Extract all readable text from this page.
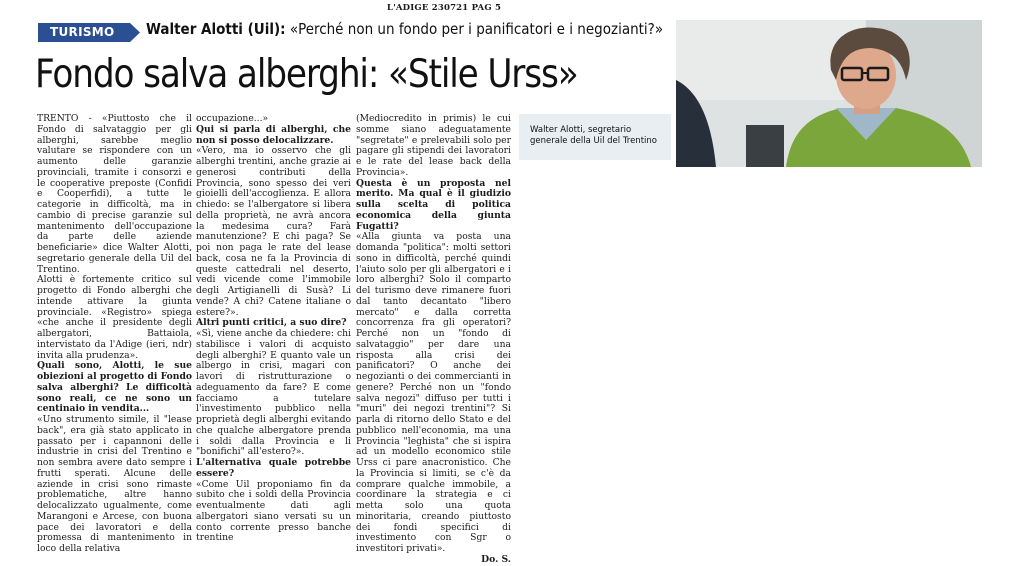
L'ADIGE 230721 PAG 5
TURISMO Walter Alotti (Uil): «Perché non un fondo per i panificatori e i negozianti?»
Fondo salva alberghi: «Stile Urss»
Walter Alotti, segretario generale della Uil del Trentino

TRENTO - «Piuttosto che il Fondo di salvataggio per gli alberghi, sarebbe meglio valutare se rispondere con un aumento delle garanzie provinciali, tramite i consorzi e le cooperative preposte (Confidi e Cooperfidi), a tutte le categorie in difficoltà, ma in cambio di precise garanzie sul mantenimento dell'occupazione da parte delle aziende beneficiarie» dice Walter Alotti, segretario generale della Uil del Trentino.

Alotti è fortemente critico sul progetto di Fondo alberghi che intende attivare la giunta provinciale. «Registro» spiega «che anche il presidente degli albergatori, Battaiola, intervistato da l'Adige (ieri, ndr) invita alla prudenza».

Quali sono, Alotti, le sue obiezioni al progetto di Fondo salva alberghi? Le difficoltà sono reali, ce ne sono un centinaio in vendita...

«Uno strumento simile, il "lease back", era già stato applicato in passato per i capannoni delle industrie in crisi del Trentino e non sembra avere dato sempre i frutti sperati. Alcune delle aziende in crisi sono rimaste problematiche, altre hanno delocalizzato ugualmente, come Marangoni e Arcese, con buona pace dei lavoratori e della promessa di mantenimento in loco della relativa

occupazione...»

Qui si parla di alberghi, che non si posso delocalizzare.

«Vero, ma io osservo che gli alberghi trentini, anche grazie ai generosi contributi della Provincia, sono spesso dei veri gioielli dell'accoglienza. E allora chiedo: se l'albergatore si libera della proprietà, ne avrà ancora la medesima cura? Farà manutenzione? E chi paga? Se poi non paga le rate del lease back, cosa ne fa la Provincia di queste cattedrali nel deserto, vedi vicende come l'immobile degli Artigianelli di Susà? Li vende? A chi? Catene italiane o estere?».

Altri punti critici, a suo dire?

«Sì, viene anche da chiedere: chi stabilisce i valori di acquisto degli alberghi? E quanto vale un albergo in crisi, magari con lavori di ristrutturazione o adeguamento da fare? E come facciamo a tutelare l'investimento pubblico nella proprietà degli alberghi evitando che qualche albergatore prenda i soldi dalla Provincia e li "bonifichi" all'estero?».

L'alternativa quale potrebbe essere?

«Come Uil proponiamo fin da subito che i soldi della Provincia eventualmente dati agli albergatori siano versati su un conto corrente presso banche trentine

(Mediocredito in primis) le cui somme siano adeguatamente "segretate" e prelevabili solo per pagare gli stipendi dei lavoratori e le rate del lease back della Provincia».

Questa è un proposta nel merito. Ma qual è il giudizio sulla scelta di politica economica della giunta Fugatti?

«Alla giunta va posta una domanda "politica": molti settori sono in difficoltà, perché quindi l'aiuto solo per gli albergatori e i loro alberghi? Solo il comparto del turismo deve rimanere fuori dal tanto decantato "libero mercato" e dalla corretta concorrenza fra gli operatori? Perché non un "fondo di salvataggio" per dare una risposta alla crisi dei panificatori? O anche dei negozianti o dei commercianti in genere? Perché non un "fondo salva negozi" diffuso per tutti i "muri" dei negozi trentini"? Si parla di ritorno dello Stato e del pubblico nell'economia, ma una Provincia "leghista" che si ispira ad un modello economico stile Urss ci pare anacronistico. Che la Provincia si limiti, se c'è da comprare qualche immobile, a coordinare la strategia e ci metta solo una quota minoritaria, creando piuttosto dei fondi specifici di investimento con Sgr o investitori privati».

Do. S.
